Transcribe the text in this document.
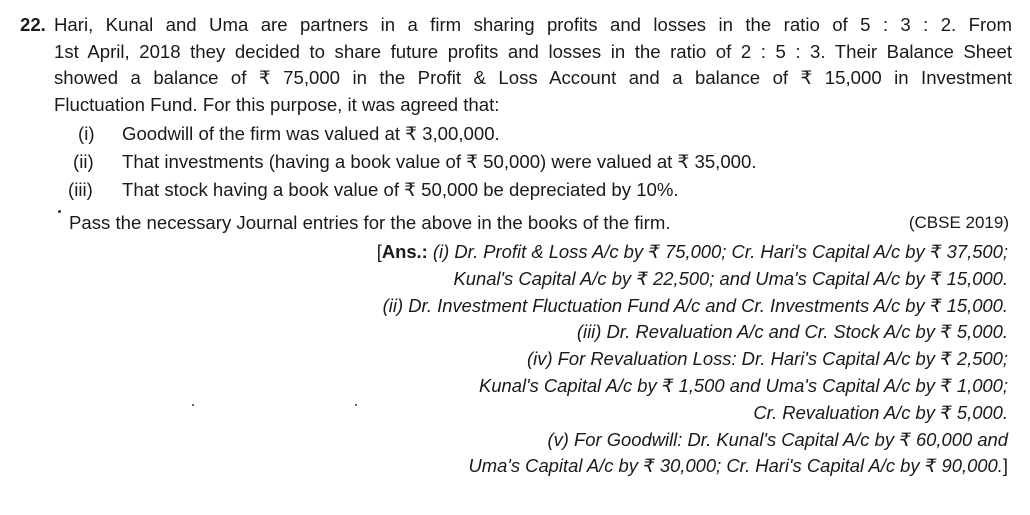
22. Hari, Kunal and Uma are partners in a firm sharing profits and losses in the ratio of 5 : 3 : 2. From
1st April, 2018 they decided to share future profits and losses in the ratio of 2 : 5 : 3. Their Balance Sheet
showed a balance of ₹ 75,000 in the Profit & Loss Account and a balance of ₹ 15,000 in Investment
Fluctuation Fund. For this purpose, it was agreed that:
(i) Goodwill of the firm was valued at ₹ 3,00,000.
(ii) That investments (having a book value of ₹ 50,000) were valued at ₹ 35,000.
(iii) That stock having a book value of ₹ 50,000 be depreciated by 10%.
Pass the necessary Journal entries for the above in the books of the firm.	(CBSE 2019)
[Ans.: (i) Dr. Profit & Loss A/c by ₹ 75,000; Cr. Hari's Capital A/c by ₹ 37,500;
Kunal's Capital A/c by ₹ 22,500; and Uma's Capital A/c by ₹ 15,000.
(ii) Dr. Investment Fluctuation Fund A/c and Cr. Investments A/c by ₹ 15,000.
(iii) Dr. Revaluation A/c and Cr. Stock A/c by ₹ 5,000.
(iv) For Revaluation Loss: Dr. Hari's Capital A/c by ₹ 2,500;
Kunal's Capital A/c by ₹ 1,500 and Uma's Capital A/c by ₹ 1,000;
Cr. Revaluation A/c by ₹ 5,000.
(v) For Goodwill: Dr. Kunal's Capital A/c by ₹ 60,000 and
Uma's Capital A/c by ₹ 30,000; Cr. Hari's Capital A/c by ₹ 90,000.]
